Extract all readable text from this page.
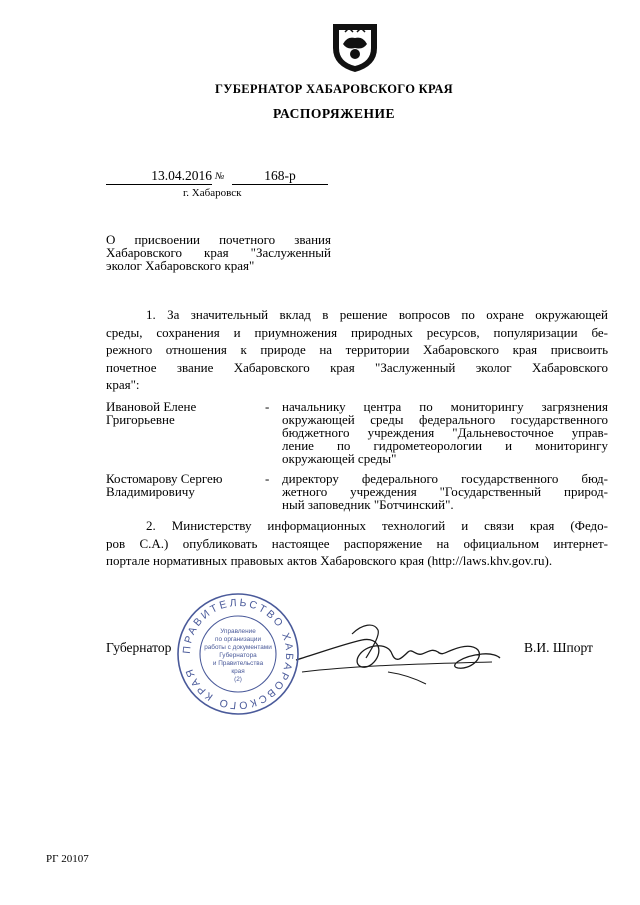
ГУБЕРНАТОР ХАБАРОВСКОГО КРАЯ
РАСПОРЯЖЕНИЕ
13.04.2016 №	168-р
г. Хабаровск
О присвоении почетного звания
Хабаровского края "Заслуженный
эколог Хабаровского края"
1. За значительный вклад в решение вопросов по охране окружающей
среды, сохранения и приумножения природных ресурсов, популяризации бе-
режного отношения к природе на территории Хабаровского края присвоить
почетное звание Хабаровского края "Заслуженный эколог Хабаровского
края":
Ивановой Елене
Григорьевне
- начальнику центра по мониторингу загрязнения
окружающей среды федерального государственного
бюджетного учреждения "Дальневосточное управ-
ление по гидрометеорологии и мониторингу
окружающей среды"
Костомарову Сергею
Владимировичу
- директору федерального государственного бюд-
жетного учреждения "Государственный природ-
ный заповедник "Ботчинский".
2. Министерству информационных технологий и связи края (Федо-
ров С.А.) опубликовать настоящее распоряжение на официальном интернет-
портале нормативных правовых актов Хабаровского края (http://laws.khv.gov.ru).
Губернатор	В.И. Шпорт
ПРАВИТЕЛЬСТВО ХАБАРОВСКОГО КРАЯ
Управление
по организации
работы с документами
Губернатора
и Правительства
края
(2)
РГ 20107
